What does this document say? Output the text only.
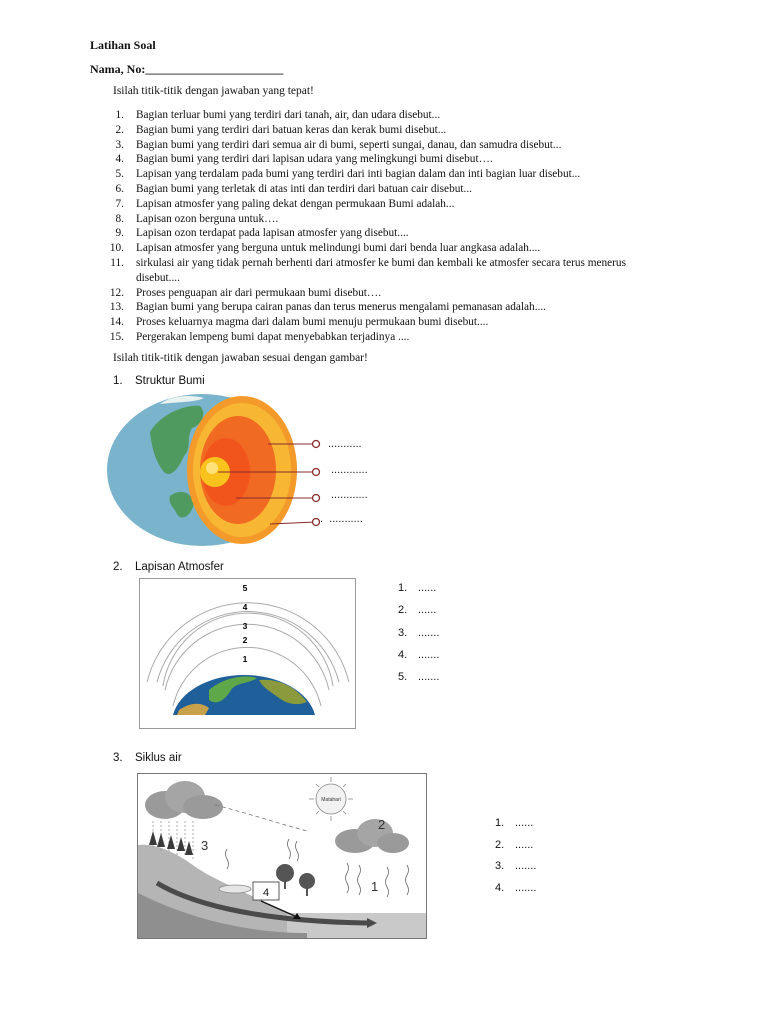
Latihan Soal
Nama, No:_______________________
Isilah titik-titik dengan jawaban yang tepat!
1. Bagian terluar bumi yang terdiri dari tanah, air, dan udara disebut...
2. Bagian bumi yang terdiri dari batuan keras dan kerak bumi disebut...
3. Bagian bumi yang terdiri dari semua air di bumi, seperti sungai, danau, dan samudra disebut...
4. Bagian bumi yang terdiri dari lapisan udara yang melingkungi bumi disebut….
5. Lapisan yang terdalam pada bumi yang terdiri dari inti bagian dalam dan inti bagian luar disebut...
6. Bagian bumi yang terletak di atas inti dan terdiri dari batuan cair disebut...
7. Lapisan atmosfer yang paling dekat dengan permukaan Bumi adalah...
8. Lapisan ozon berguna untuk….
9. Lapisan ozon terdapat pada lapisan atmosfer yang disebut....
10. Lapisan atmosfer yang berguna untuk melindungi bumi dari benda luar angkasa adalah....
11. sirkulasi air yang tidak pernah berhenti dari atmosfer ke bumi dan kembali ke atmosfer secara terus menerus disebut....
12. Proses penguapan air dari permukaan bumi disebut….
13. Bagian bumi yang berupa cairan panas dan terus menerus mengalami pemanasan adalah....
14. Proses keluarnya magma dari dalam bumi menuju permukaan bumi disebut....
15. Pergerakan lempeng bumi dapat menyebabkan terjadinya ....
Isilah titik-titik dengan jawaban sesuai dengan gambar!
1. Struktur Bumi
...........
............
............
.  ...........
2. Lapisan Atmosfer
5
4
3
2
1
1. ......
2. ......
3. .......
4. .......
5. .......
3. Siklus air
Matahari
2
3
1
4
1. ......
2. ......
3. .......
4. .......
